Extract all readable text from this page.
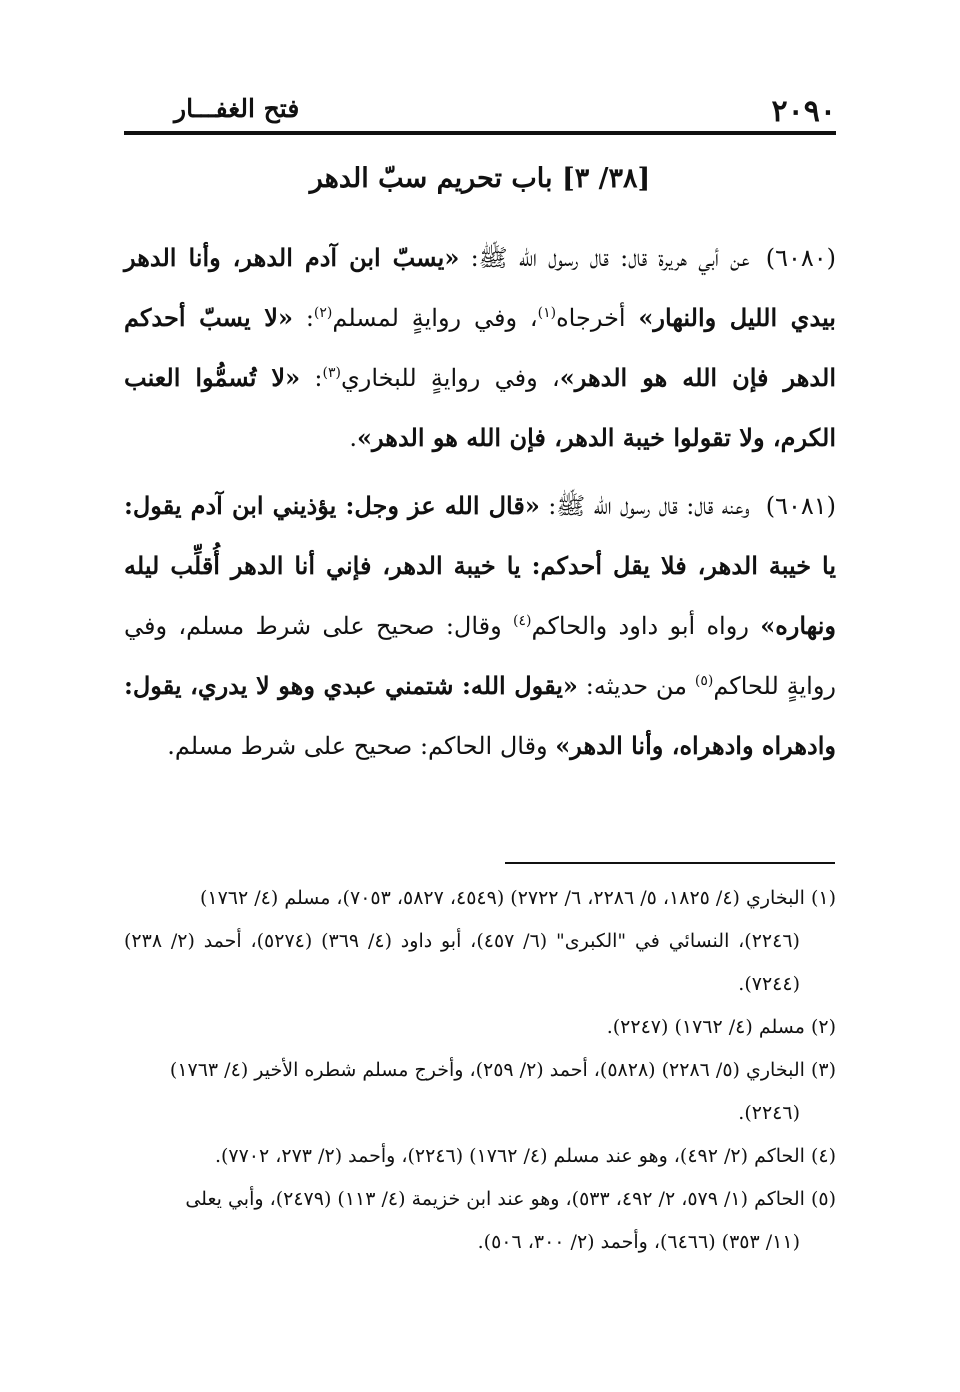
٢٠٩٠
فتح الغفـــار
[٣٨/ ٣] باب تحريم سبّ الدهر

(٦٠٨٠)عن أبي هريرة قال: قال رسول الله ﷺ: «يسبّ ابن آدم الدهر، وأنا الدهر بيدي الليل والنهار» أخرجاه$^{(١)}$، وفي روايةٍ لمسلم$^{(٢)}$: «لا يسبّ أحدكم الدهر فإن الله هو الدهر»، وفي روايةٍ للبخاري$^{(٣)}$: «لا تُسمُّوا العنب الكرم، ولا تقولوا خيبة الدهر، فإن الله هو الدهر».

(٦٠٨١)وعنه قال: قال رسول الله ﷺ: «قال الله عز وجل: يؤذيني ابن آدم يقول: يا خيبة الدهر، فلا يقل أحدكم: يا خيبة الدهر، فإني أنا الدهر أُقلِّب ليله ونهاره» رواه أبو داود والحاكم$^{(٤)}$ وقال: صحيح على شرط مسلم، وفي روايةٍ للحاكم$^{(٥)}$ من حديثه: «يقول الله: شتمني عبدي وهو لا يدري، يقول: وادهراه وادهراه، وأنا الدهر» وقال الحاكم: صحيح على شرط مسلم.

(١) البخاري (٤/ ١٨٢٥، ٥/ ٢٢٨٦، ٦/ ٢٧٢٢) (٤٥٤٩، ٥٨٢٧، ٧٠٥٣)، مسلم (٤/ ١٧٦٢)
(٢٢٤٦)، النسائي في "الكبرى" (٦/ ٤٥٧)، أبو داود (٤/ ٣٦٩) (٥٢٧٤)، أحمد (٢/ ٢٣٨) (٧٢٤٤).

(٢) مسلم (٤/ ١٧٦٢) (٢٢٤٧).

(٣) البخاري (٥/ ٢٢٨٦) (٥٨٢٨)، أحمد (٢/ ٢٥٩)، وأخرج مسلم شطره الأخير (٤/ ١٧٦٣)
(٢٢٤٦).

(٤) الحاكم (٢/ ٤٩٢)، وهو عند مسلم (٤/ ١٧٦٢) (٢٢٤٦)، وأحمد (٢/ ٢٧٣، ٧٧٠٢).

(٥) الحاكم (١/ ٥٧٩، ٢/ ٤٩٢، ٥٣٣)، وهو عند ابن خزيمة (٤/ ١١٣) (٢٤٧٩)، وأبي يعلى
(١١/ ٣٥٣) (٦٤٦٦)، وأحمد (٢/ ٣٠٠، ٥٠٦).
